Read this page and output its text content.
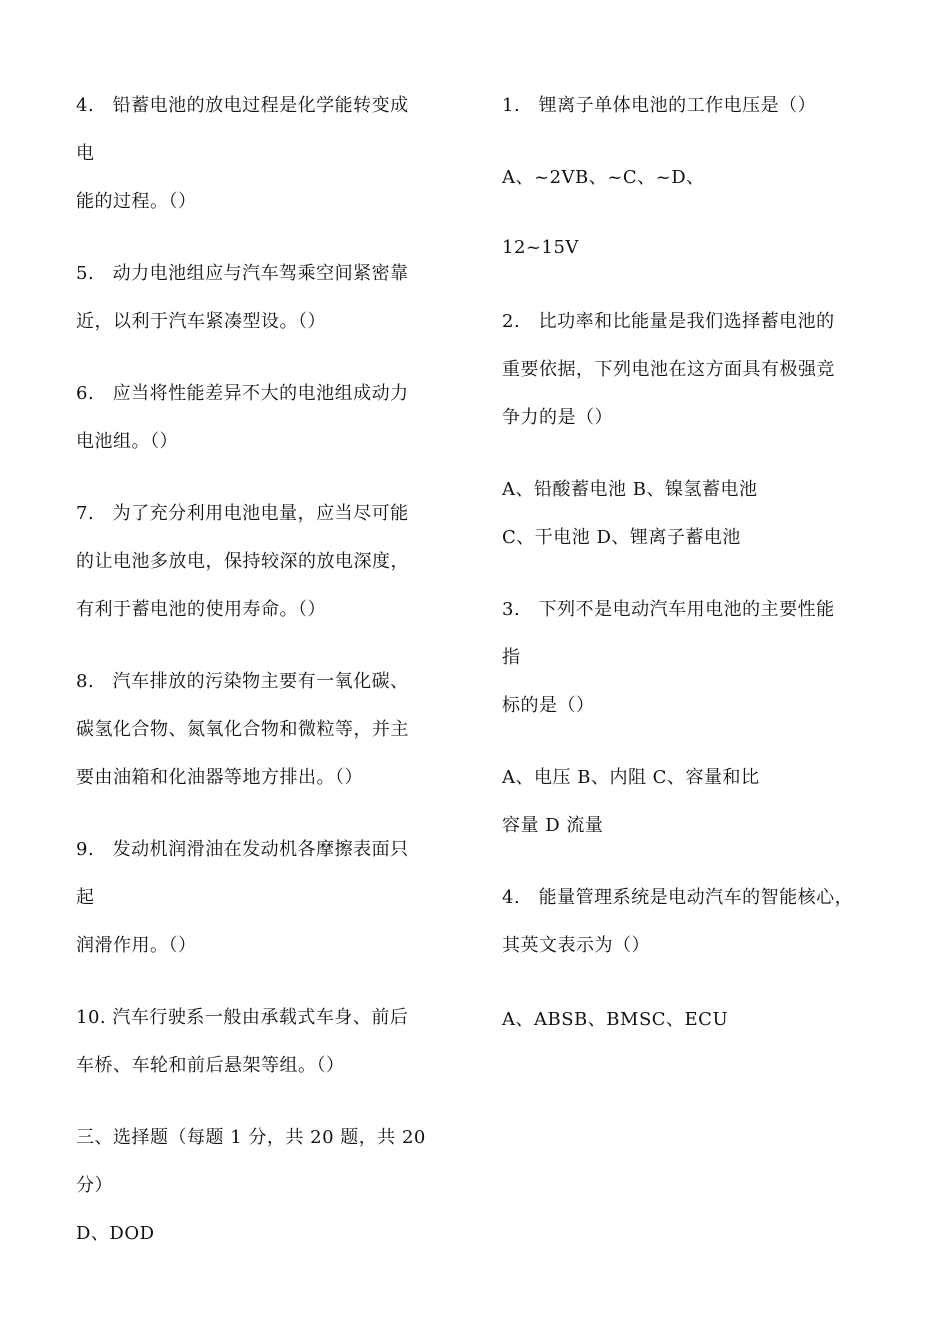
4.　铅蓄电池的放电过程是化学能转变成
电
能的过程。（）
5.　动力电池组应与汽车驾乘空间紧密靠
近，以利于汽车紧凑型设。（）
6.　应当将性能差异不大的电池组成动力
电池组。（）
7.　为了充分利用电池电量，应当尽可能
的让电池多放电，保持较深的放电深度，
有利于蓄电池的使用寿命。（）
8.　汽车排放的污染物主要有一氧化碳、
碳氢化合物、氮氧化合物和微粒等，并主
要由油箱和化油器等地方排出。（）
9.　发动机润滑油在发动机各摩擦表面只
起
润滑作用。（）
10. 汽车行驶系一般由承载式车身、前后
车桥、车轮和前后悬架等组。（）
三、选择题（每题 1 分，共 20 题，共 20
分）
D、DOD
1.　锂离子单体电池的工作电压是（）
A、~2VB、~C、~D、
12~15V
2.　比功率和比能量是我们选择蓄电池的
重要依据，下列电池在这方面具有极强竞
争力的是（）
A、铅酸蓄电池 B、镍氢蓄电池
C、干电池 D、锂离子蓄电池
3.　下列不是电动汽车用电池的主要性能
指
标的是（）
A、电压 B、内阻 C、容量和比
容量 D 流量
4.　能量管理系统是电动汽车的智能核心，
其英文表示为（）
A、ABSB、BMSC、ECU
